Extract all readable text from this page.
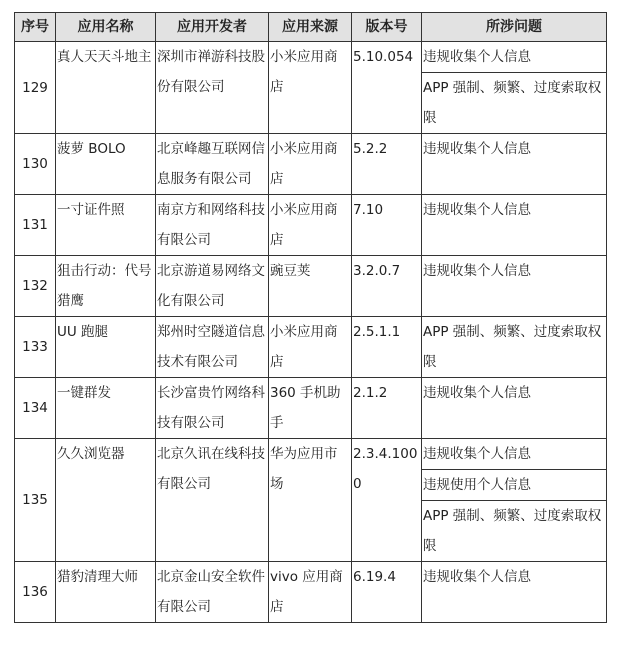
序号	应用名称	应用开发者	应用来源	版本号	所涉问题
129	真人天天斗地主	深圳市禅游科技股份有限公司	小米应用商店	5.10.054	违规收集个人信息
					APP 强制、频繁、过度索取权限
130	菠萝 BOLO	北京峰趣互联网信息服务有限公司	小米应用商店	5.2.2	违规收集个人信息
131	一寸证件照	南京方和网络科技有限公司	小米应用商店	7.10	违规收集个人信息
132	狙击行动：代号猎鹰	北京游道易网络文化有限公司	豌豆荚	3.2.0.7	违规收集个人信息
133	UU 跑腿	郑州时空隧道信息技术有限公司	小米应用商店	2.5.1.1	APP 强制、频繁、过度索取权限
134	一键群发	长沙富贵竹网络科技有限公司	360 手机助手	2.1.2	违规收集个人信息
135	久久浏览器	北京久讯在线科技有限公司	华为应用市场	2.3.4.1000	违规收集个人信息
					违规使用个人信息
					APP 强制、频繁、过度索取权限
136	猎豹清理大师	北京金山安全软件有限公司	vivo 应用商店	6.19.4	违规收集个人信息
